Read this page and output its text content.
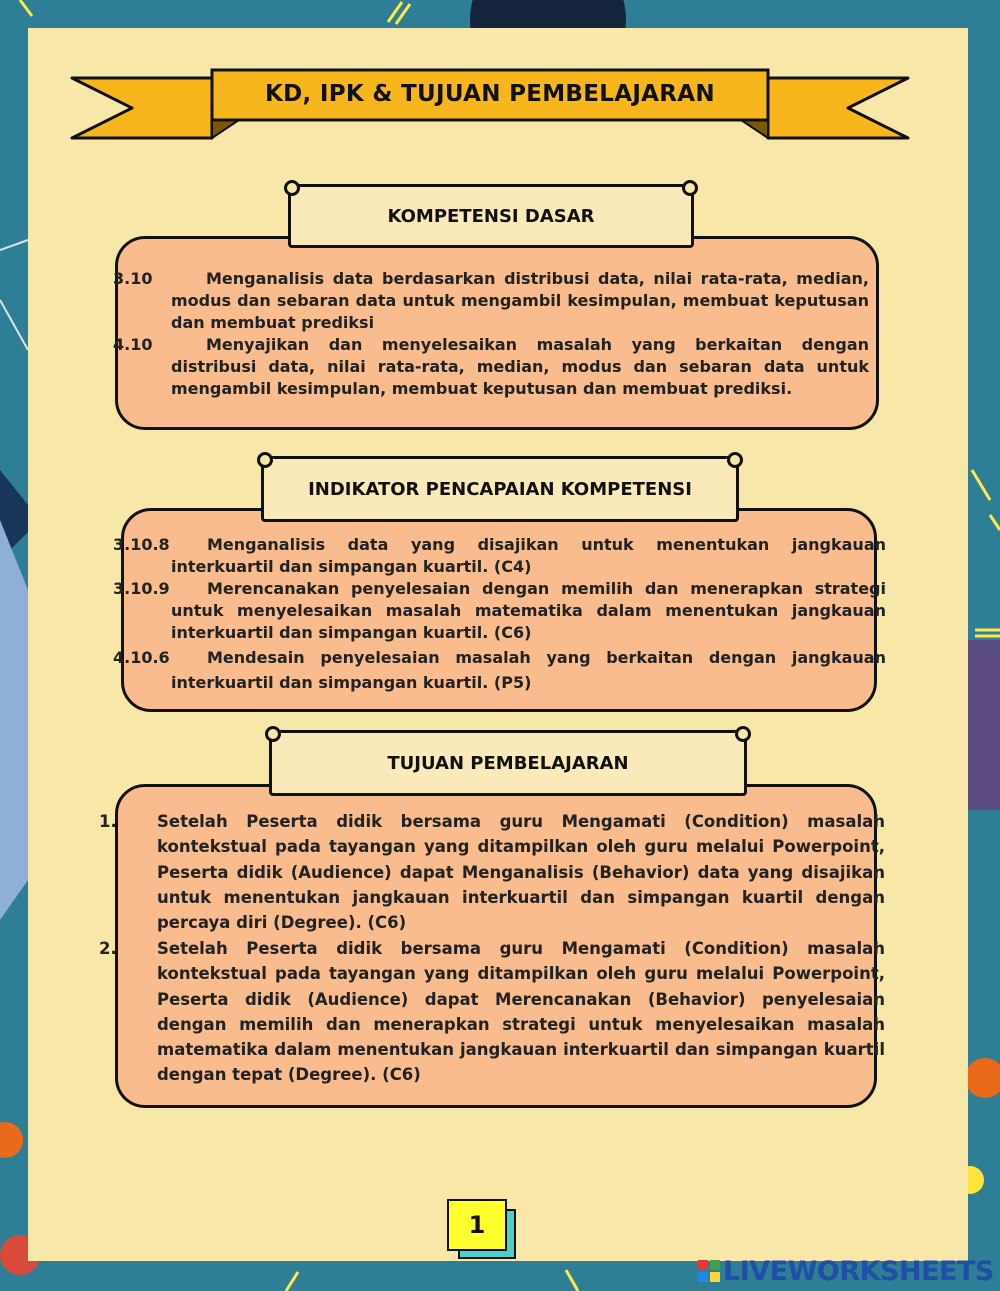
KD, IPK & TUJUAN PEMBELAJARAN
KOMPETENSI DASAR
3.10	Menganalisis data berdasarkan distribusi data, nilai rata-rata, median, modus dan sebaran data untuk mengambil kesimpulan, membuat keputusan dan membuat prediksi
4.10	Menyajikan dan menyelesaikan masalah yang berkaitan dengan distribusi data, nilai rata-rata, median, modus dan sebaran data untuk mengambil kesimpulan, membuat keputusan dan membuat prediksi.
INDIKATOR PENCAPAIAN KOMPETENSI
3.10.8 Menganalisis data yang disajikan untuk menentukan jangkauan interkuartil dan simpangan kuartil. (C4)
3.10.9 Merencanakan penyelesaian dengan memilih dan menerapkan strategi untuk menyelesaikan masalah matematika dalam menentukan jangkauan interkuartil dan simpangan kuartil. (C6)
4.10.6 Mendesain penyelesaian masalah yang berkaitan dengan jangkauan interkuartil dan simpangan kuartil. (P5)
TUJUAN PEMBELAJARAN
1. Setelah Peserta didik bersama guru Mengamati (Condition) masalah kontekstual pada tayangan yang ditampilkan oleh guru melalui Powerpoint, Peserta didik (Audience) dapat Menganalisis (Behavior) data yang disajikan untuk menentukan jangkauan interkuartil dan simpangan kuartil dengan percaya diri (Degree). (C6)
2. Setelah Peserta didik bersama guru Mengamati (Condition) masalah kontekstual pada tayangan yang ditampilkan oleh guru melalui Powerpoint, Peserta didik (Audience) dapat Merencanakan (Behavior) penyelesaian dengan memilih dan menerapkan strategi untuk menyelesaikan masalah matematika dalam menentukan jangkauan interkuartil dan simpangan kuartil dengan tepat (Degree). (C6)
1
LIVEWORKSHEETS
